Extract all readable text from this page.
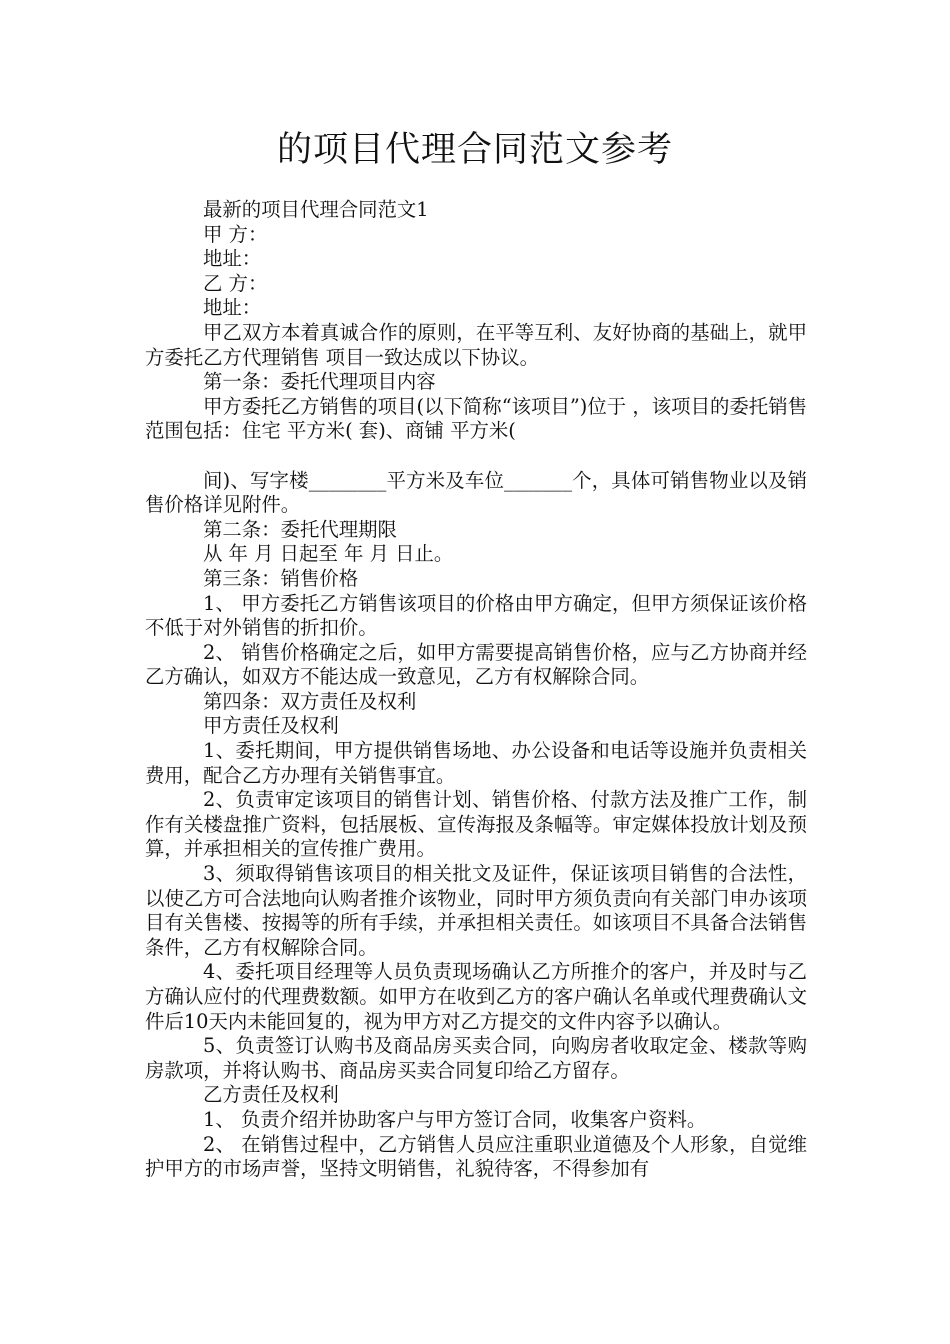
的项目代理合同范文参考

最新的项目代理合同范文1

甲 方：

地址：

乙 方：

地址：

甲乙双方本着真诚合作的原则，在平等互利、友好协商的基础上，就甲方委托乙方代理销售 项目一致达成以下协议。

第一条：委托代理项目内容

甲方委托乙方销售的项目(以下简称“该项目”)位于 ，该项目的委托销售范围包括：住宅 平方米( 套)、商铺 平方米(

间)、写字楼________平方米及车位_______个，具体可销售物业以及销售价格详见附件。

第二条：委托代理期限

从 年 月 日起至 年 月 日止。

第三条：销售价格

1、 甲方委托乙方销售该项目的价格由甲方确定，但甲方须保证该价格不低于对外销售的折扣价。

2、 销售价格确定之后，如甲方需要提高销售价格，应与乙方协商并经乙方确认，如双方不能达成一致意见，乙方有权解除合同。

第四条：双方责任及权利

甲方责任及权利

1、委托期间，甲方提供销售场地、办公设备和电话等设施并负责相关费用，配合乙方办理有关销售事宜。

2、负责审定该项目的销售计划、销售价格、付款方法及推广工作，制作有关楼盘推广资料，包括展板、宣传海报及条幅等。审定媒体投放计划及预算，并承担相关的宣传推广费用。

3、须取得销售该项目的相关批文及证件，保证该项目销售的合法性，以使乙方可合法地向认购者推介该物业，同时甲方须负责向有关部门申办该项目有关售楼、按揭等的所有手续，并承担相关责任。如该项目不具备合法销售条件，乙方有权解除合同。

4、委托项目经理等人员负责现场确认乙方所推介的客户，并及时与乙方确认应付的代理费数额。如甲方在收到乙方的客户确认名单或代理费确认文件后10天内未能回复的，视为甲方对乙方提交的文件内容予以确认。

5、负责签订认购书及商品房买卖合同，向购房者收取定金、楼款等购房款项，并将认购书、商品房买卖合同复印给乙方留存。

乙方责任及权利

1、 负责介绍并协助客户与甲方签订合同，收集客户资料。

2、 在销售过程中，乙方销售人员应注重职业道德及个人形象，自觉维护甲方的市场声誉，坚持文明销售，礼貌待客，不得参加有
